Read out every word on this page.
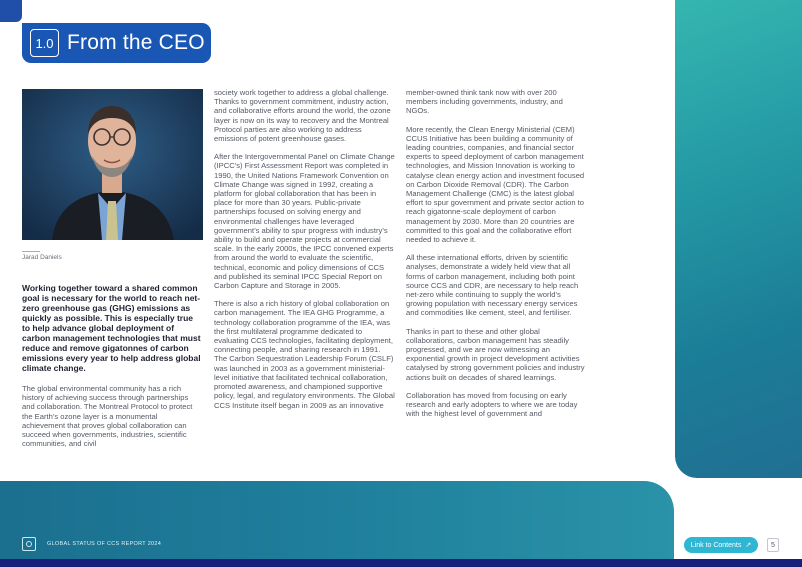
1.0 From the CEO
Jarad Daniels
Working together toward a shared common goal is necessary for the world to reach net-zero greenhouse gas (GHG) emissions as quickly as possible. This is especially true to help advance global deployment of carbon management technologies that must reduce and remove gigatonnes of carbon emissions every year to help address global climate change.

The global environmental community has a rich history of achieving success through partnerships and collaboration. The Montreal Protocol to protect the Earth’s ozone layer is a monumental achievement that proves global collaboration can succeed when governments, industries, scientific communities, and civil

society work together to address a global challenge. Thanks to government commitment, industry action, and collaborative efforts around the world, the ozone layer is now on its way to recovery and the Montreal Protocol parties are also working to address emissions of potent greenhouse gases.

After the Intergovernmental Panel on Climate Change (IPCC’s) First Assessment Report was completed in 1990, the United Nations Framework Convention on Climate Change was signed in 1992, creating a platform for global collaboration that has been in place for more than 30 years. Public-private partnerships focused on solving energy and environmental challenges have leveraged government’s ability to spur progress with industry’s ability to build and operate projects at commercial scale. In the early 2000s, the IPCC convened experts from around the world to evaluate the scientific, technical, economic and policy dimensions of CCS and published its seminal IPCC Special Report on Carbon Capture and Storage in 2005.

There is also a rich history of global collaboration on carbon management. The IEA GHG Programme, a technology collaboration programme of the IEA, was the first multilateral programme dedicated to evaluating CCS technologies, facilitating deployment, connecting people, and sharing research in 1991. The Carbon Sequestration Leadership Forum (CSLF) was launched in 2003 as a government ministerial-level initiative that facilitated technical collaboration, promoted awareness, and championed supportive policy, legal, and regulatory environments. The Global CCS Institute itself began in 2009 as an innovative

member-owned think tank now with over 200 members including governments, industry, and NGOs.

More recently, the Clean Energy Ministerial (CEM) CCUS Initiative has been building a community of leading countries, companies, and financial sector experts to speed deployment of carbon management technologies, and Mission Innovation is working to catalyse clean energy action and investment focused on Carbon Dioxide Removal (CDR). The Carbon Management Challenge (CMC) is the latest global effort to spur government and private sector action to reach gigatonne-scale deployment of carbon management by 2030. More than 20 countries are committed to this goal and the collaborative effort needed to achieve it.

All these international efforts, driven by scientific analyses, demonstrate a widely held view that all forms of carbon management, including both point source CCS and CDR, are necessary to help reach net-zero while continuing to supply the world’s growing population with necessary energy services and commodities like cement, steel, and fertiliser.

Thanks in part to these and other global collaborations, carbon management has steadily progressed, and we are now witnessing an exponential growth in project development activities catalysed by strong government policies and industry actions built on decades of shared learnings.

Collaboration has moved from focusing on early research and early adopters to where we are today with the highest level of government and

GLOBAL STATUS OF CCS REPORT 2024	Link to Contents ↗	5
